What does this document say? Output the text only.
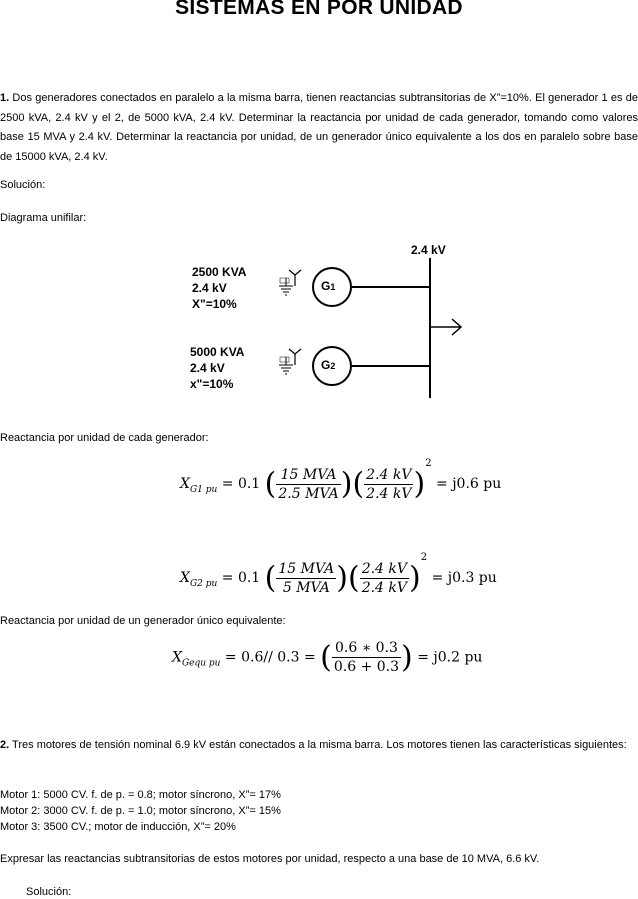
SISTEMAS EN POR UNIDAD
1. Dos generadores conectados en paralelo a la misma barra, tienen reactancias subtransitorias de X”=10%. El generador 1 es de 2500 kVA, 2.4 kV y el 2, de 5000 kVA, 2.4 kV. Determinar la reactancia por unidad de cada generador, tomando como valores base 15 MVA y 2.4 kV. Determinar la reactancia por unidad, de un generador único equivalente a los dos en paralelo sobre base de 15000 kVA, 2.4 kV.
Solución:
Diagrama unifilar:
2.4 kV
G1
G2
2500 KVA
2.4 kV
X"=10%
5000 KVA
2.4 kV
x"=10%
Reactancia por unidad de cada generador:
$X_{G1 pu} = 0.1$ ( $\frac{\text{15 MVA}}{\text{2.5 MVA}}$ )( $\frac{2.4 kV}{2.4 kV} )^2 = j0.6$ pu
$X_{G2 pu} = 0.1$ ( $\frac{\text{15 MVA}}{\text{5 MVA}}$ )( $\frac{2.4 kV}{2.4 kV} )^2 = j0.3$ pu
Reactancia por unidad de un generador único equivalente:
$X_{Gequ pu} = 0.6//$ 0.3 = ( $\frac{0.6 ∗ 0.3}{0.6 + 0.3}$ ) = j0.2 pu
2. Tres motores de tensión nominal 6.9 kV están conectados a la misma barra. Los motores tienen las características siguientes:
Motor 1: 5000 CV. f. de p. = 0.8; motor síncrono, X”= 17%
Motor 2: 3000 CV. f. de p. = 1.0; motor síncrono, X”= 15%
Motor 3: 3500 CV.; motor de inducción, X”= 20%
Expresar las reactancias subtransitorias de estos motores por unidad, respecto a una base de 10 MVA, 6.6 kV.
Solución:
